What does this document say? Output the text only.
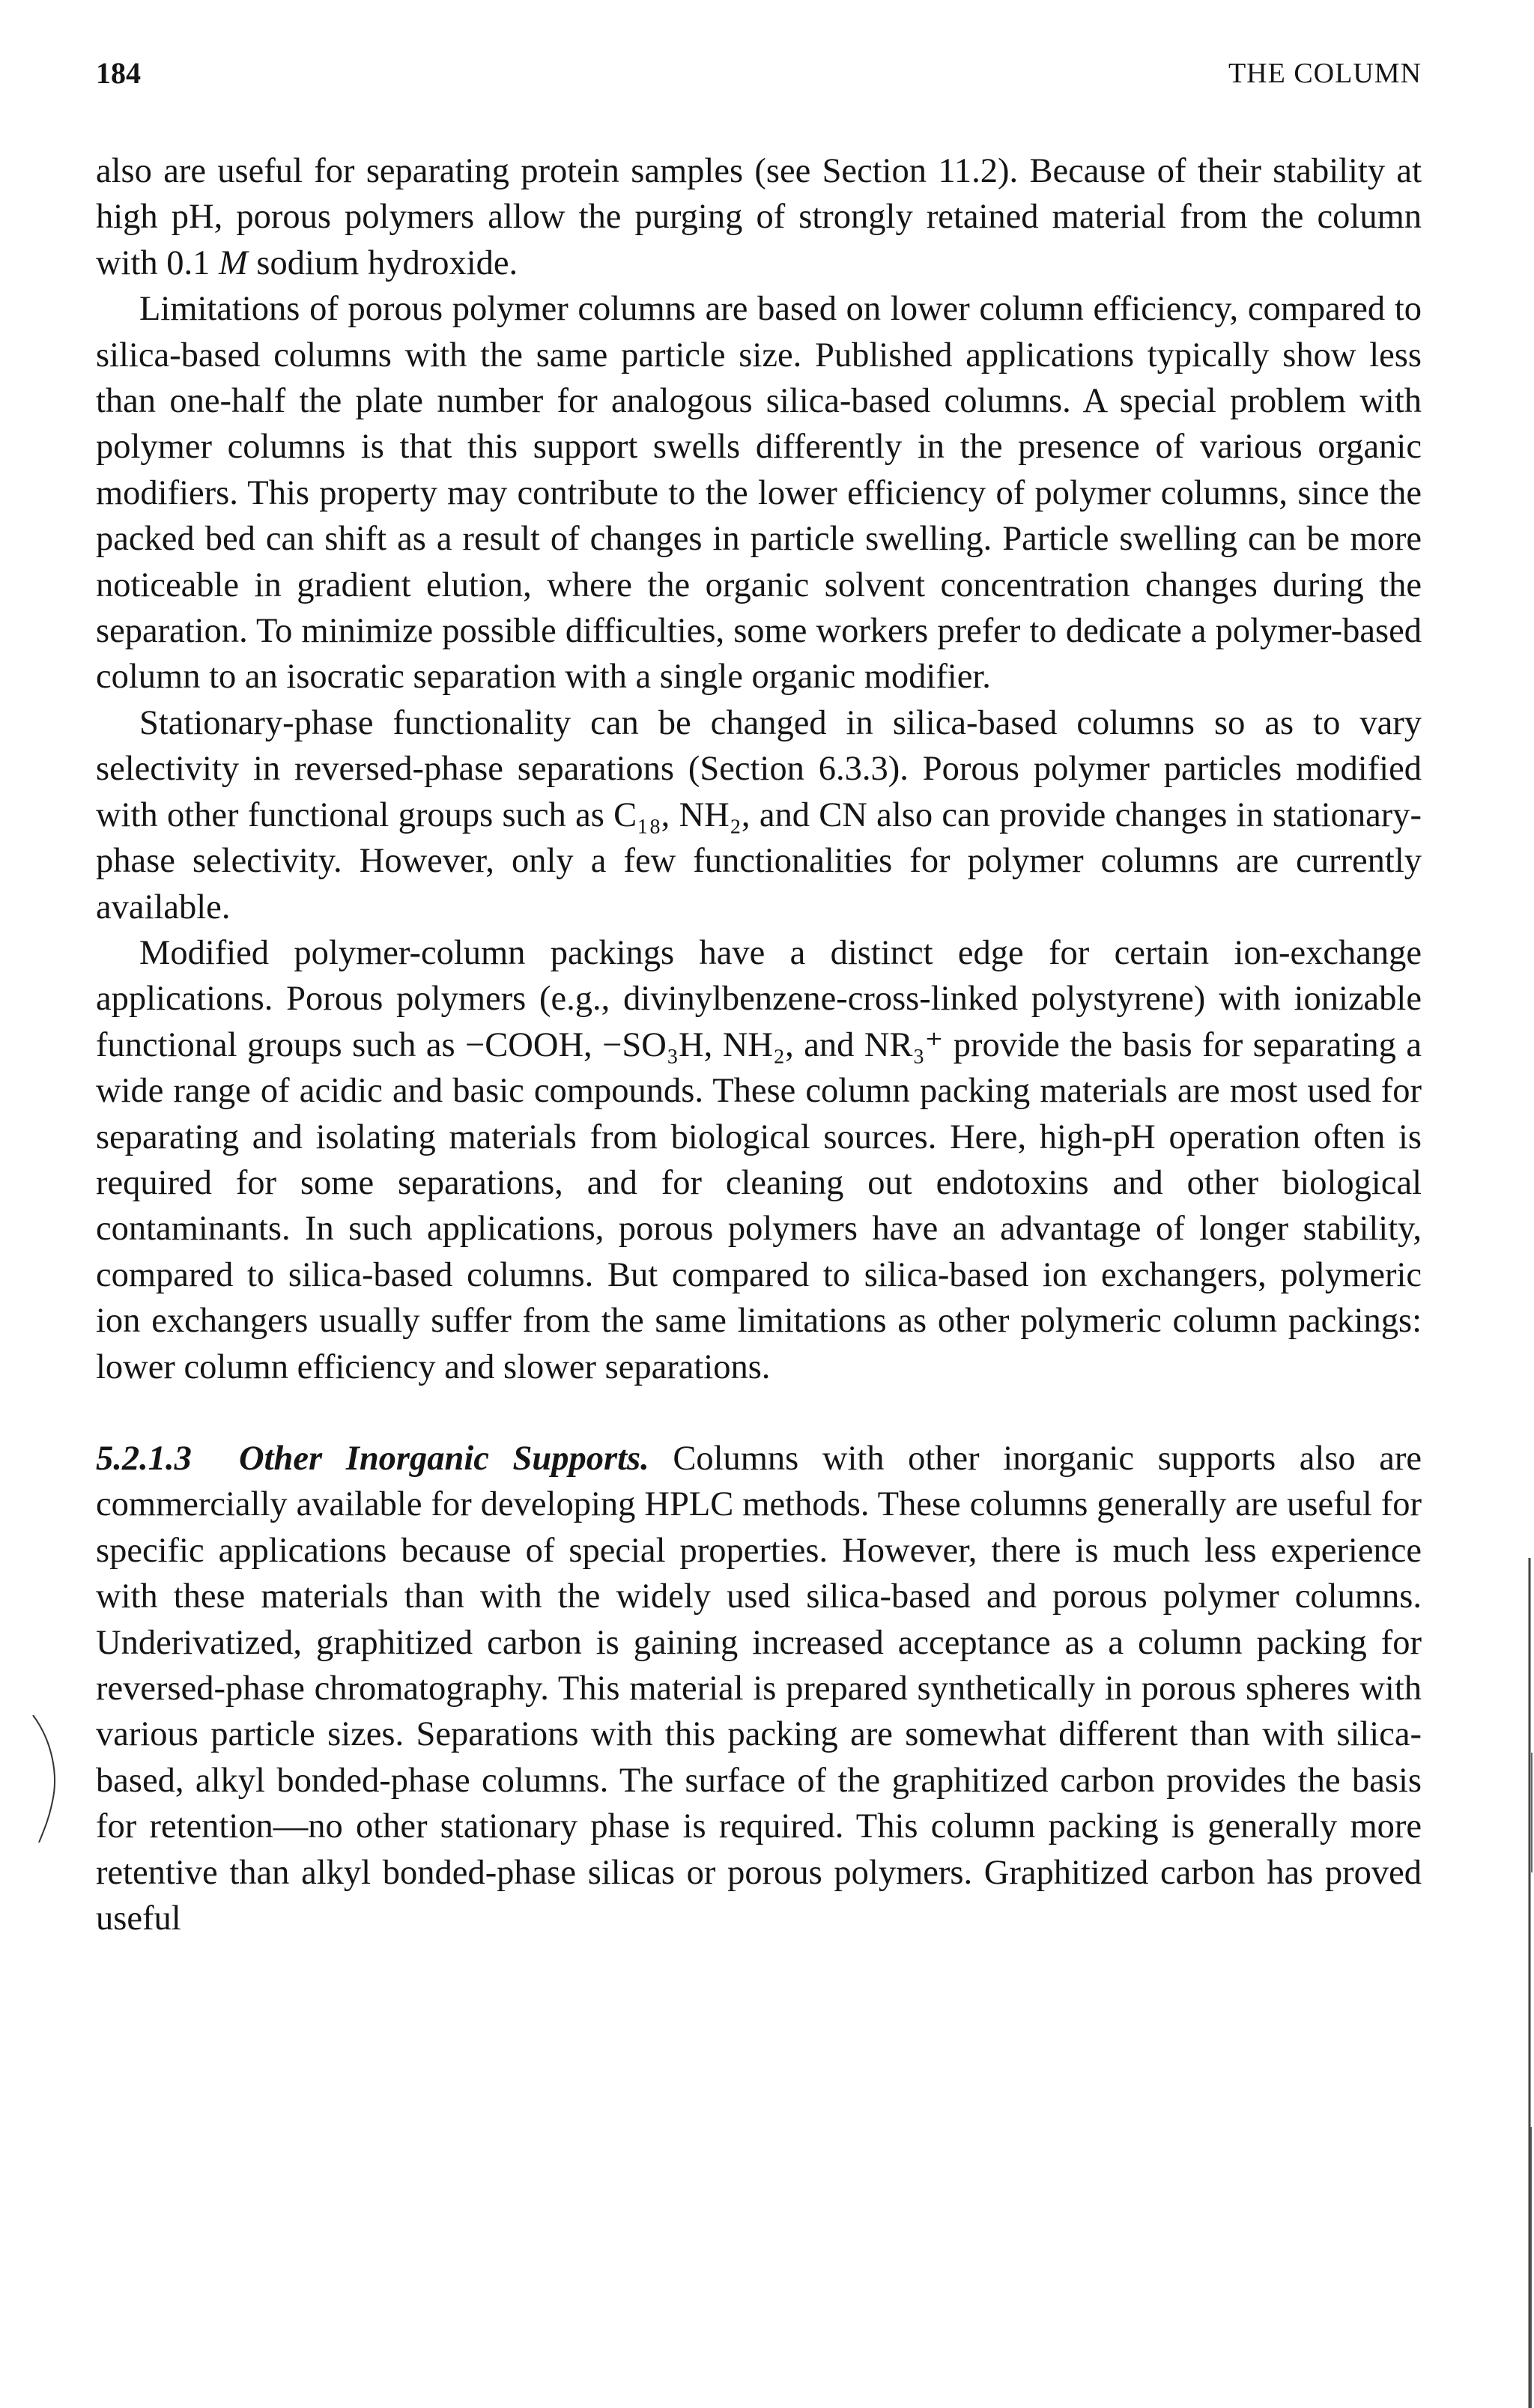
184	THE COLUMN

also are useful for separating protein samples (see Section 11.2). Because of their stability at high pH, porous polymers allow the purging of strongly retained material from the column with 0.1 M sodium hydroxide.

Limitations of porous polymer columns are based on lower column efficiency, compared to silica-based columns with the same particle size. Published applications typically show less than one-half the plate number for analogous silica-based columns. A special problem with polymer columns is that this support swells differently in the presence of various organic modifiers. This property may contribute to the lower efficiency of polymer columns, since the packed bed can shift as a result of changes in particle swelling. Particle swelling can be more noticeable in gradient elution, where the organic solvent concentration changes during the separation. To minimize possible difficulties, some workers prefer to dedicate a polymer-based column to an isocratic separation with a single organic modifier.

Stationary-phase functionality can be changed in silica-based columns so as to vary selectivity in reversed-phase separations (Section 6.3.3). Porous polymer particles modified with other functional groups such as C₁₈, NH₂, and CN also can provide changes in stationary-phase selectivity. However, only a few functionalities for polymer columns are currently available.

Modified polymer-column packings have a distinct edge for certain ion-exchange applications. Porous polymers (e.g., divinylbenzene-cross-linked polystyrene) with ionizable functional groups such as −COOH, −SO₃H, NH₂, and NR₃⁺ provide the basis for separating a wide range of acidic and basic compounds. These column packing materials are most used for separating and isolating materials from biological sources. Here, high-pH operation often is required for some separations, and for cleaning out endotoxins and other biological contaminants. In such applications, porous polymers have an advantage of longer stability, compared to silica-based columns. But compared to silica-based ion exchangers, polymeric ion exchangers usually suffer from the same limitations as other polymeric column packings: lower column efficiency and slower separations.

5.2.1.3 Other Inorganic Supports. Columns with other inorganic supports also are commercially available for developing HPLC methods. These columns generally are useful for specific applications because of special properties. However, there is much less experience with these materials than with the widely used silica-based and porous polymer columns. Underivatized, graphitized carbon is gaining increased acceptance as a column packing for reversed-phase chromatography. This material is prepared synthetically in porous spheres with various particle sizes. Separations with this packing are somewhat different than with silica-based, alkyl bonded-phase columns. The surface of the graphitized carbon provides the basis for retention—no other stationary phase is required. This column packing is generally more retentive than alkyl bonded-phase silicas or porous polymers. Graphitized carbon has proved useful
